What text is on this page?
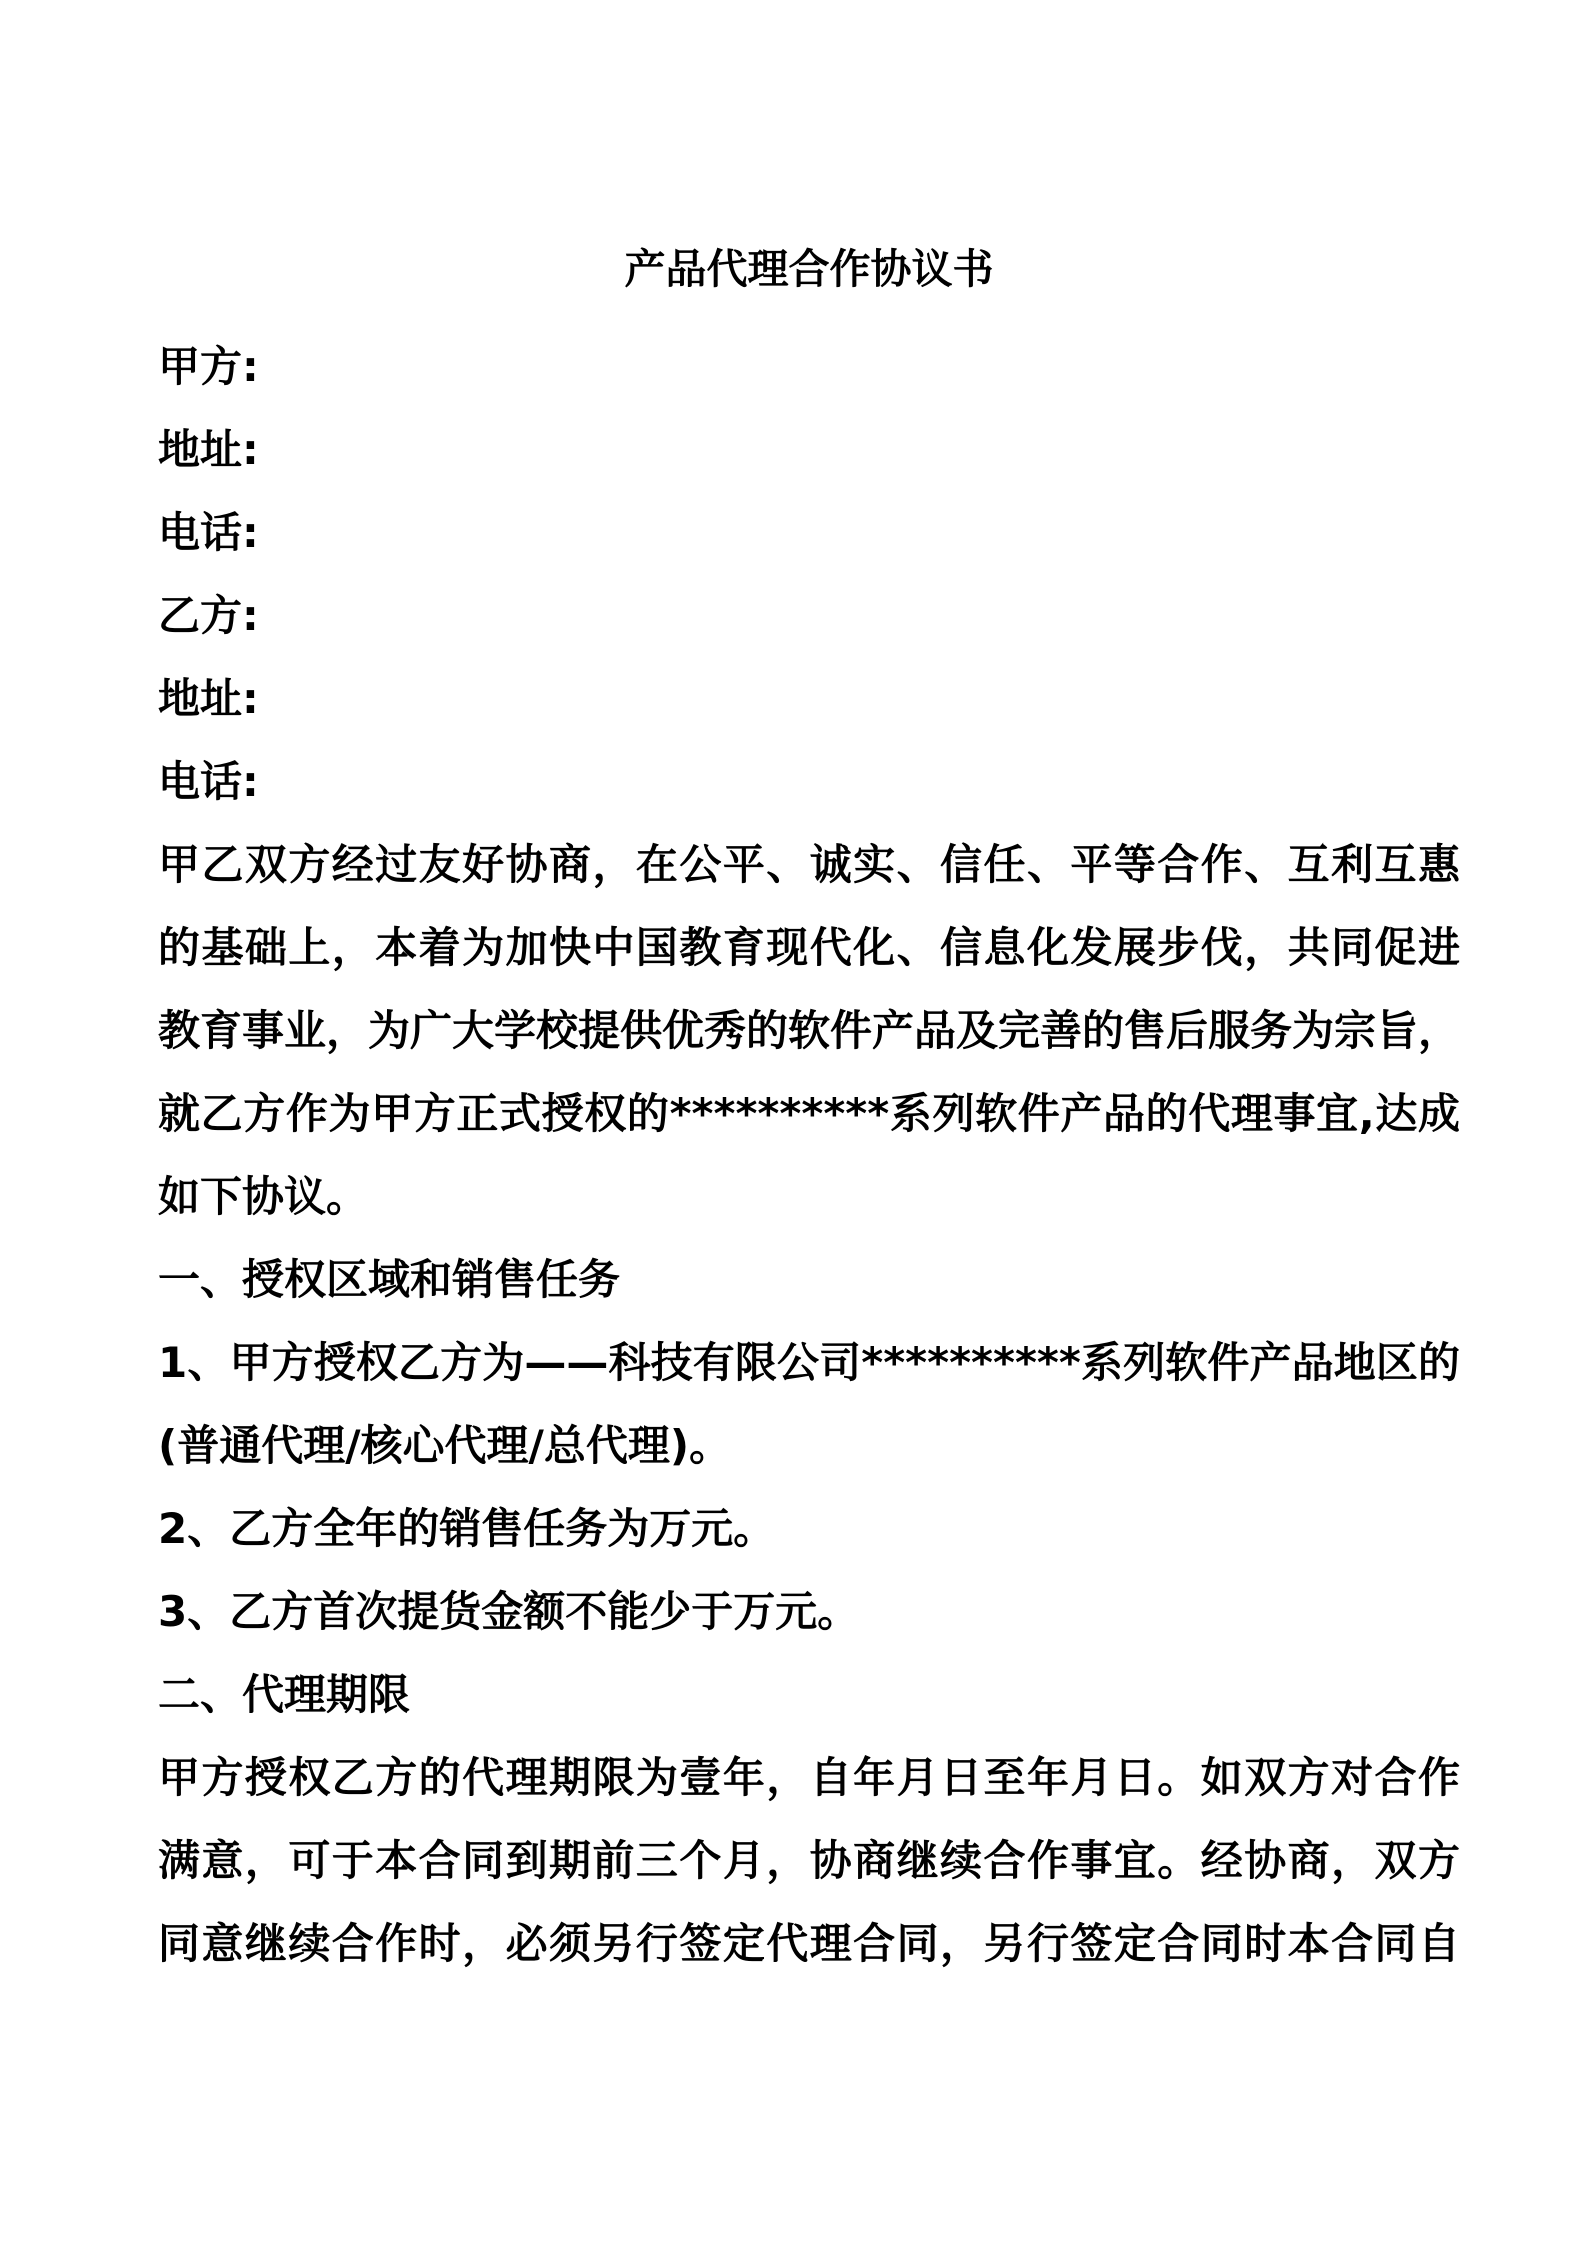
产品代理合作协议书
甲方:
地址:
电话:
乙方:
地址:
电话:
甲乙双方经过友好协商，在公平、诚实、信任、平等合作、互利互惠
的基础上，本着为加快中国教育现代化、信息化发展步伐，共同促进
教育事业，为广大学校提供优秀的软件产品及完善的售后服务为宗旨，
就乙方作为甲方正式授权的**********系列软件产品的代理事宜,达成
如下协议。
一、授权区域和销售任务
1、甲方授权乙方为——科技有限公司**********系列软件产品地区的
(普通代理/核心代理/总代理)。
2、乙方全年的销售任务为万元。
3、乙方首次提货金额不能少于万元。
二、代理期限
甲方授权乙方的代理期限为壹年，自年月日至年月日。如双方对合作
满意，可于本合同到期前三个月，协商继续合作事宜。经协商，双方
同意继续合作时，必须另行签定代理合同，另行签定合同时本合同自
